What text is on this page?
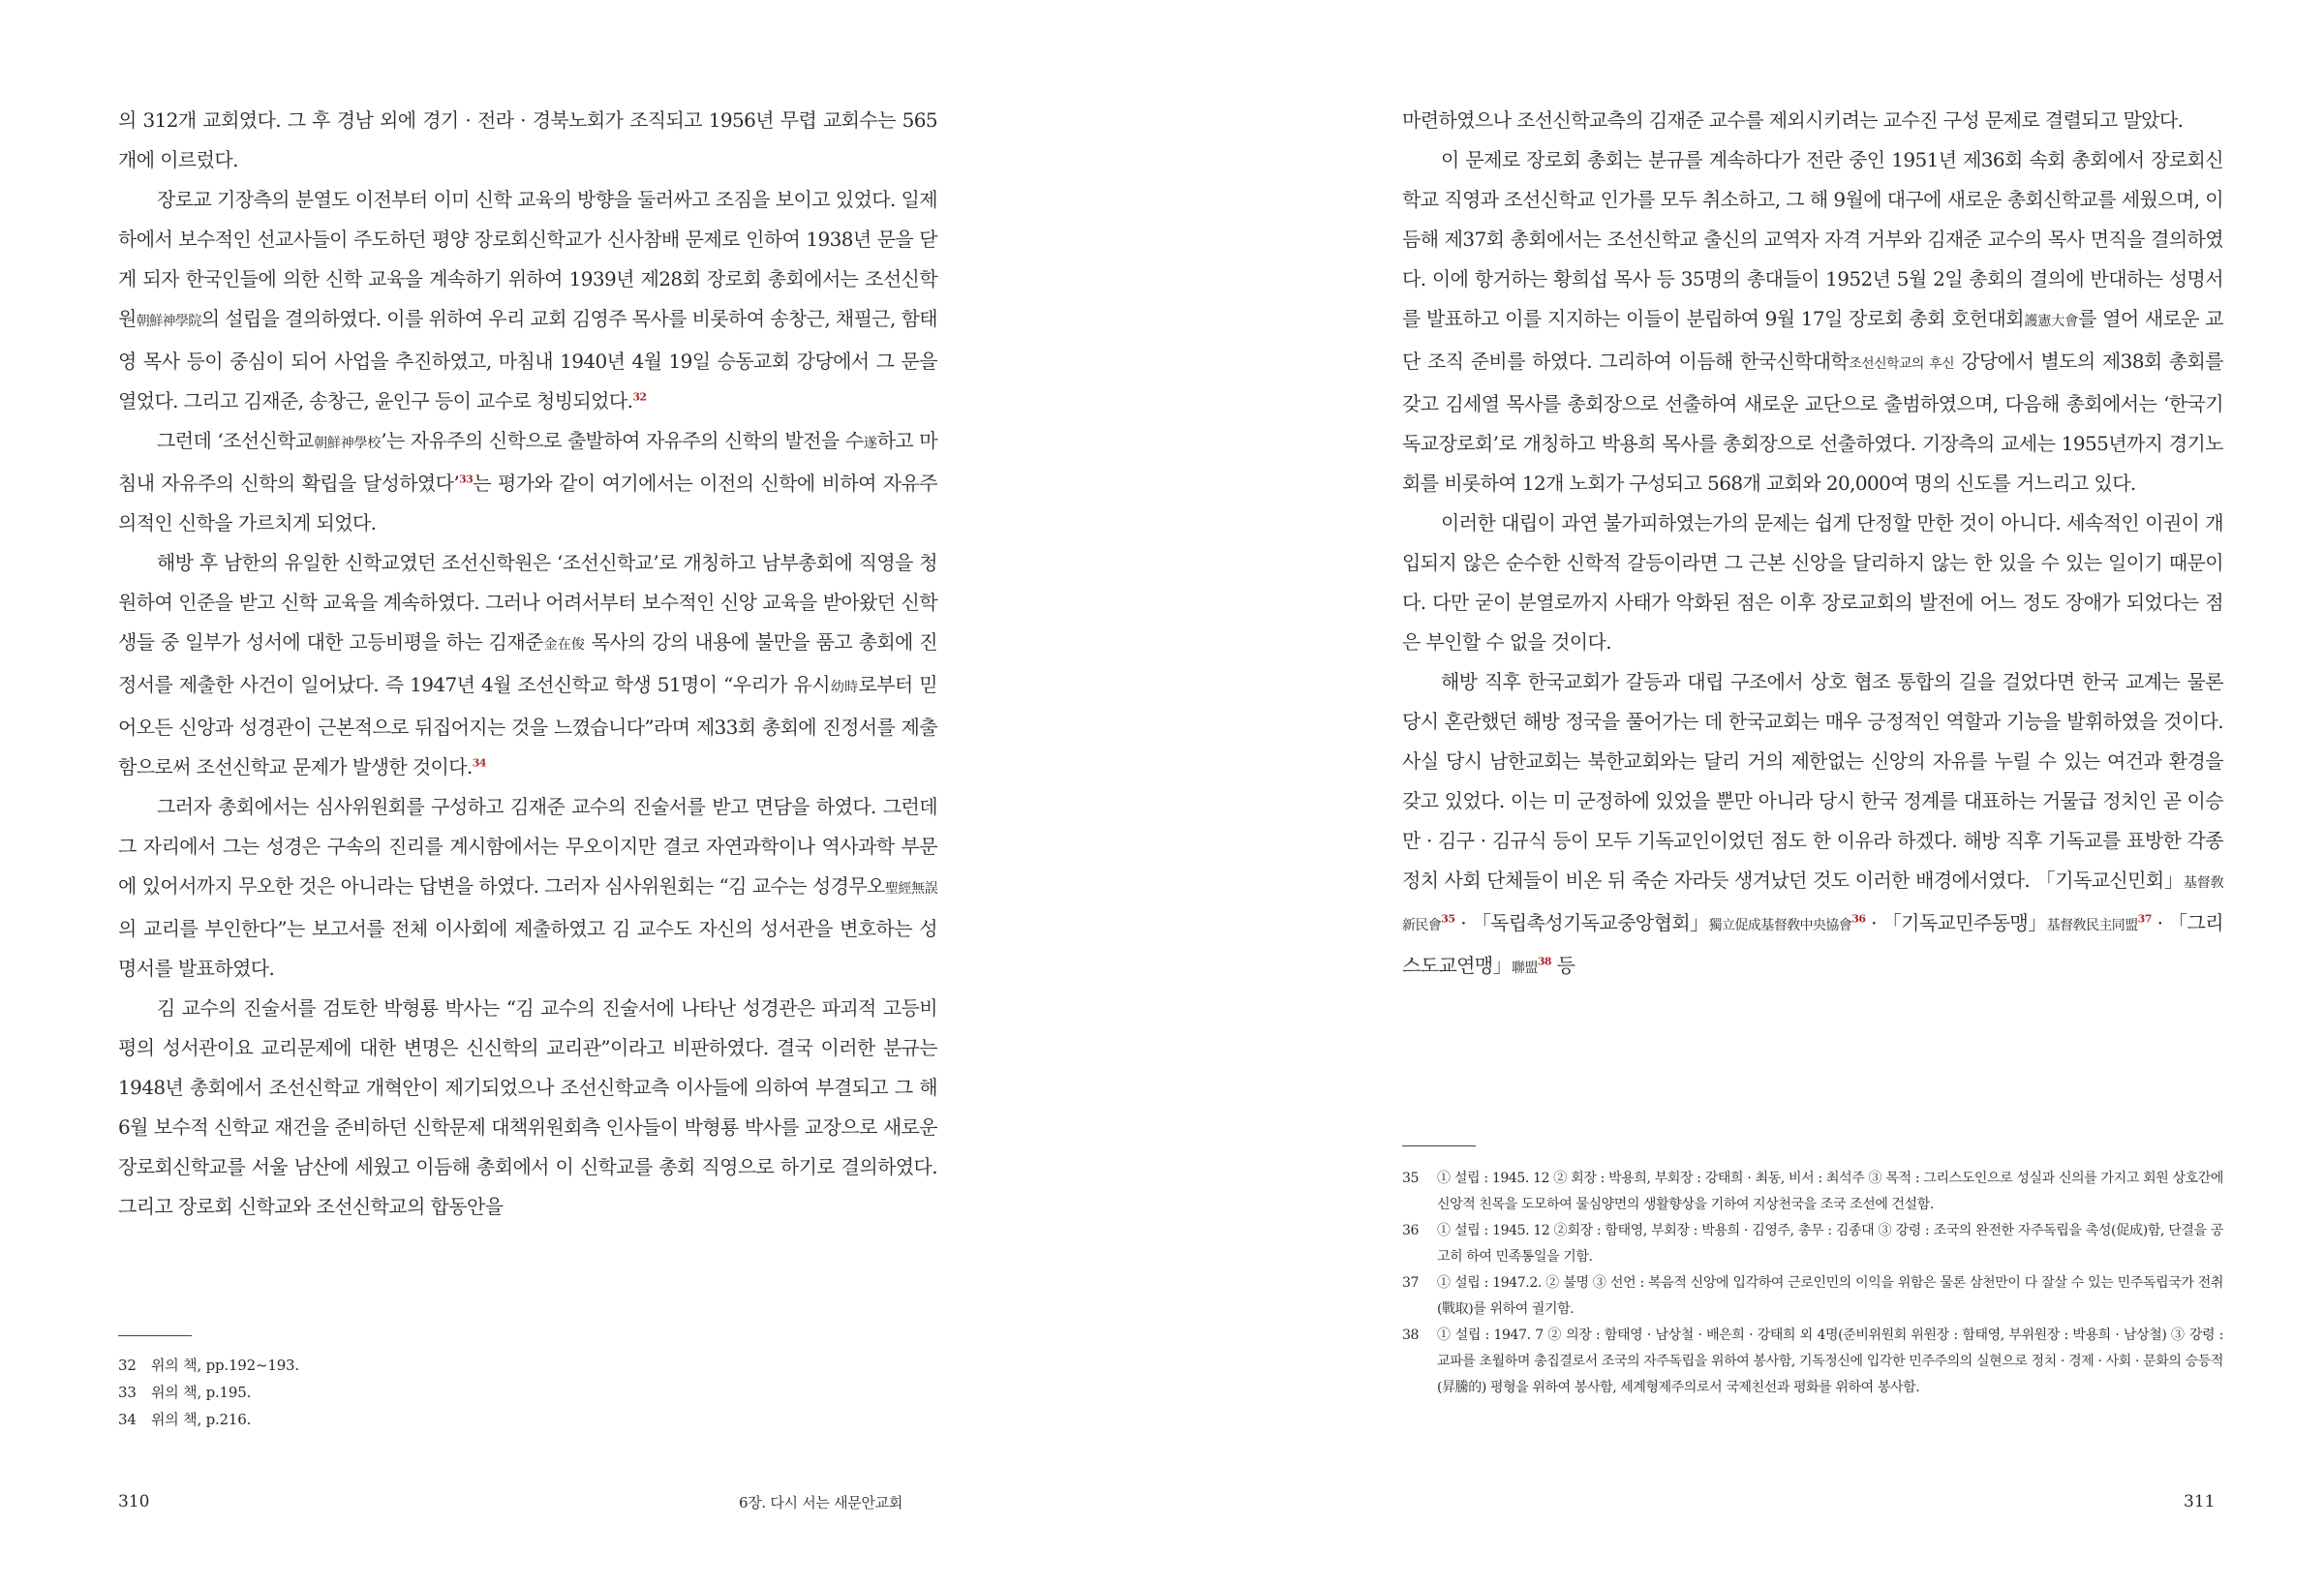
의 312개 교회였다. 그 후 경남 외에 경기 · 전라 · 경북노회가 조직되고 1956년 무렵 교회수는 565개에 이르렀다.

장로교 기장측의 분열도 이전부터 이미 신학 교육의 방향을 둘러싸고 조짐을 보이고 있었다. 일제하에서 보수적인 선교사들이 주도하던 평양 장로회신학교가 신사참배 문제로 인하여 1938년 문을 닫게 되자 한국인들에 의한 신학 교육을 계속하기 위하여 1939년 제28회 장로회 총회에서는 조선신학원朝鮮神學院의 설립을 결의하였다. 이를 위하여 우리 교회 김영주 목사를 비롯하여 송창근, 채필근, 함태영 목사 등이 중심이 되어 사업을 추진하였고, 마침내 1940년 4월 19일 승동교회 강당에서 그 문을 열었다. 그리고 김재준, 송창근, 윤인구 등이 교수로 청빙되었다.$^{32}$

그런데 ‘조선신학교朝鮮神學校’는 자유주의 신학으로 출발하여 자유주의 신학의 발전을 수遂하고 마침내 자유주의 신학의 확립을 달성하였다’$^{33}$는 평가와 같이 여기에서는 이전의 신학에 비하여 자유주의적인 신학을 가르치게 되었다.

해방 후 남한의 유일한 신학교였던 조선신학원은 ‘조선신학교’로 개칭하고 남부총회에 직영을 청원하여 인준을 받고 신학 교육을 계속하였다. 그러나 어려서부터 보수적인 신앙 교육을 받아왔던 신학생들 중 일부가 성서에 대한 고등비평을 하는 김재준金在俊 목사의 강의 내용에 불만을 품고 총회에 진정서를 제출한 사건이 일어났다. 즉 1947년 4월 조선신학교 학생 51명이 “우리가 유시幼時로부터 믿어오든 신앙과 성경관이 근본적으로 뒤집어지는 것을 느꼈습니다”라며 제33회 총회에 진정서를 제출함으로써 조선신학교 문제가 발생한 것이다.$^{34}$

그러자 총회에서는 심사위원회를 구성하고 김재준 교수의 진술서를 받고 면담을 하였다. 그런데 그 자리에서 그는 성경은 구속의 진리를 계시함에서는 무오이지만 결코 자연과학이나 역사과학 부문에 있어서까지 무오한 것은 아니라는 답변을 하였다. 그러자 심사위원회는 “김 교수는 성경무오聖經無誤의 교리를 부인한다”는 보고서를 전체 이사회에 제출하였고 김 교수도 자신의 성서관을 변호하는 성명서를 발표하였다.

김 교수의 진술서를 검토한 박형룡 박사는 “김 교수의 진술서에 나타난 성경관은 파괴적 고등비평의 성서관이요 교리문제에 대한 변명은 신신학의 교리관”이라고 비판하였다. 결국 이러한 분규는 1948년 총회에서 조선신학교 개혁안이 제기되었으나 조선신학교측 이사들에 의하여 부결되고 그 해 6월 보수적 신학교 재건을 준비하던 신학문제 대책위원회측 인사들이 박형룡 박사를 교장으로 새로운 장로회신학교를 서울 남산에 세웠고 이듬해 총회에서 이 신학교를 총회 직영으로 하기로 결의하였다. 그리고 장로회 신학교와 조선신학교의 합동안을

32	위의 책, pp.192~193.
33	위의 책, p.195.
34	위의 책, p.216.
310	6장. 다시 서는 새문안교회

마련하였으나 조선신학교측의 김재준 교수를 제외시키려는 교수진 구성 문제로 결렬되고 말았다.

이 문제로 장로회 총회는 분규를 계속하다가 전란 중인 1951년 제36회 속회 총회에서 장로회신학교 직영과 조선신학교 인가를 모두 취소하고, 그 해 9월에 대구에 새로운 총회신학교를 세웠으며, 이듬해 제37회 총회에서는 조선신학교 출신의 교역자 자격 거부와 김재준 교수의 목사 면직을 결의하였다. 이에 항거하는 황희섭 목사 등 35명의 총대들이 1952년 5월 2일 총회의 결의에 반대하는 성명서를 발표하고 이를 지지하는 이들이 분립하여 9월 17일 장로회 총회 호헌대회護憲大會를 열어 새로운 교단 조직 준비를 하였다. 그리하여 이듬해 한국신학대학조선신학교의 후신 강당에서 별도의 제38회 총회를 갖고 김세열 목사를 총회장으로 선출하여 새로운 교단으로 출범하였으며, 다음해 총회에서는 ‘한국기독교장로회’로 개칭하고 박용희 목사를 총회장으로 선출하였다. 기장측의 교세는 1955년까지 경기노회를 비롯하여 12개 노회가 구성되고 568개 교회와 20,000여 명의 신도를 거느리고 있다.

이러한 대립이 과연 불가피하였는가의 문제는 쉽게 단정할 만한 것이 아니다. 세속적인 이권이 개입되지 않은 순수한 신학적 갈등이라면 그 근본 신앙을 달리하지 않는 한 있을 수 있는 일이기 때문이다. 다만 굳이 분열로까지 사태가 악화된 점은 이후 장로교회의 발전에 어느 정도 장애가 되었다는 점은 부인할 수 없을 것이다.

해방 직후 한국교회가 갈등과 대립 구조에서 상호 협조 통합의 길을 걸었다면 한국 교계는 물론 당시 혼란했던 해방 정국을 풀어가는 데 한국교회는 매우 긍정적인 역할과 기능을 발휘하였을 것이다. 사실 당시 남한교회는 북한교회와는 달리 거의 제한없는 신앙의 자유를 누릴 수 있는 여건과 환경을 갖고 있었다. 이는 미 군정하에 있었을 뿐만 아니라 당시 한국 정계를 대표하는 거물급 정치인 곧 이승만 · 김구 · 김규식 등이 모두 기독교인이었던 점도 한 이유라 하겠다. 해방 직후 기독교를 표방한 각종 정치 사회 단체들이 비온 뒤 죽순 자라듯 생겨났던 것도 이러한 배경에서였다. 「기독교신민회」基督敎新民會$^{35}$ · 「독립촉성기독교중앙협회」獨立促成基督敎中央協會$^{36}$ · 「기독교민주동맹」基督敎民主同盟$^{37}$ · 「그리스도교연맹」聯盟$^{38}$ 등

35	① 설립 : 1945. 12 ② 회장 : 박용희, 부회장 : 강태희 · 최동, 비서 : 최석주 ③ 목적 : 그리스도인으로 성실과 신의를 가지고 회원 상호간에 신앙적 친목을 도모하여 물심양면의 생활향상을 기하여 지상천국을 조국 조선에 건설함.
36	① 설립 : 1945. 12 ②회장 : 함태영, 부회장 : 박용희 · 김영주, 총무 : 김종대 ③ 강령 : 조국의 완전한 자주독립을 촉성(促成)함, 단결을 공고히 하여 민족통일을 기함.
37	① 설립 : 1947.2. ② 불명 ③ 선언 : 복음적 신앙에 입각하여 근로인민의 이익을 위함은 물론 삼천만이 다 잘살 수 있는 민주독립국가 전취(戰取)를 위하여 궐기함.
38	① 설립 : 1947. 7 ② 의장 : 함태영 · 남상철 · 배은희 · 강태희 외 4명(준비위원회 위원장 : 함태영, 부위원장 : 박용희 · 남상철) ③ 강령 : 교파를 초월하며 총집결로서 조국의 자주독립을 위하여 봉사함, 기독정신에 입각한 민주주의의 실현으로 정치 · 경제 · 사회 · 문화의 승등적(昇騰的) 평형을 위하여 봉사함, 세계형제주의로서 국제친선과 평화를 위하여 봉사함.
311
